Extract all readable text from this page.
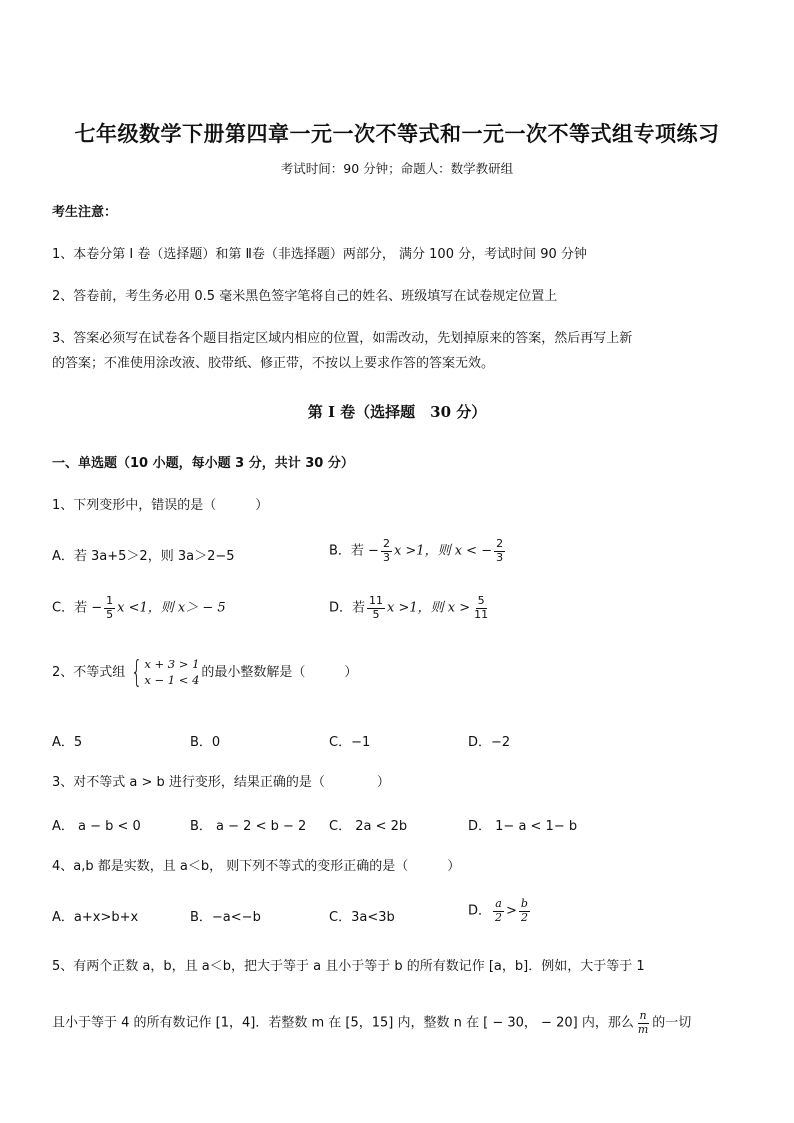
七年级数学下册第四章一元一次不等式和一元一次不等式组专项练习
考试时间：90 分钟；命题人：数学教研组
考生注意：
1、本卷分第 Ⅰ 卷（选择题）和第 Ⅱ卷（非选择题）两部分， 满分 100 分，考试时间 90 分钟
2、答卷前，考生务必用 0.5 毫米黑色签字笔将自己的姓名、班级填写在试卷规定位置上
3、答案必须写在试卷各个题目指定区域内相应的位置，如需改动，先划掉原来的答案，然后再写上新
的答案；不准使用涂改液、胶带纸、修正带，不按以上要求作答的答案无效。
第 Ⅰ 卷（选择题　30 分）
一、单选题（10 小题，每小题 3 分，共计 30 分）
1、下列变形中，错误的是（　　　）
A．若 3a+5＞2，则 3a＞2−5	B．若 − $\frac{2}{3}$ x >1，则 x < − $\frac{2}{3}$
C．若 − $\frac{1}{5}$ x <1，则 x＞ − 5	D．若 $\frac{11}{5}$ x >1，则 $x > \frac{5}{11}$
2、不等式组 { x + 3 > 1
x − 1 < 4 的最小整数解是（　　　）
A．5	B．0	C．−1	D．−2
3、对不等式 a > b 进行变形，结果正确的是（　　　　）
A． a − b < 0	B． a − 2 < b − 2 C． 2a < 2b	D． 1− a < 1− b
4、a,b 都是实数，且 a＜b， 则下列不等式的变形正确的是（　　　）
A．a+x>b+x	B．−a<−b	C．3a<3b	D． $\frac{a}{2} > \frac{b}{2}$
5、有两个正数 a，b，且 a＜b，把大于等于 a 且小于等于 b 的所有数记作 [a，b]．例如，大于等于 1
且小于等于 4 的所有数记作 [1，4]．若整数 m 在 [5，15] 内，整数 n 在 [ − 30， − 20] 内，那么 $\frac{n}{m}$ 的一切
